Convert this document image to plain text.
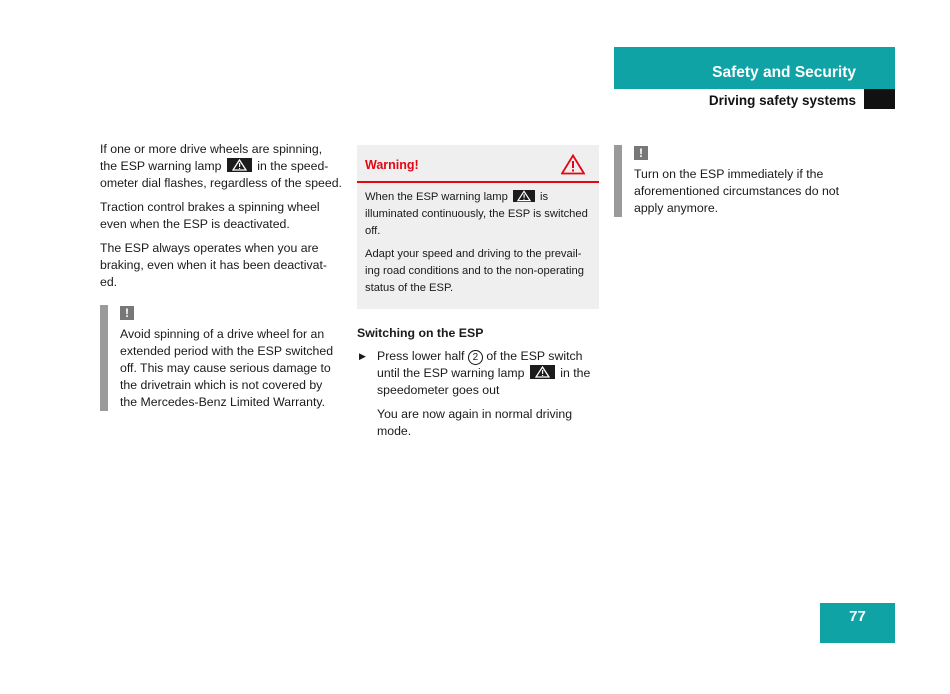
Safety and Security
Driving safety systems

If one or more drive wheels are spinning, the ESP warning lamp	in the speed-ometer dial flashes, regardless of the speed.

Traction control brakes a spinning wheel even when the ESP is deactivated.

The ESP always operates when you are braking, even when it has been deactivat-ed.

!

Avoid spinning of a drive wheel for an extended period with the ESP switched off. This may cause serious damage to the drivetrain which is not covered by the Mercedes-Benz Limited Warranty.

Warning!

When the ESP warning lamp	is illuminated continuously, the ESP is switched off.

Adapt your speed and driving to the prevail-ing road conditions and to the non-operating status of the ESP.

Switching on the ESP
▶ Press lower half 2 of the ESP switch until the ESP warning lamp	in the speedometer goes out

You are now again in normal driving mode.

!

Turn on the ESP immediately if the aforementioned circumstances do not apply anymore.

77
